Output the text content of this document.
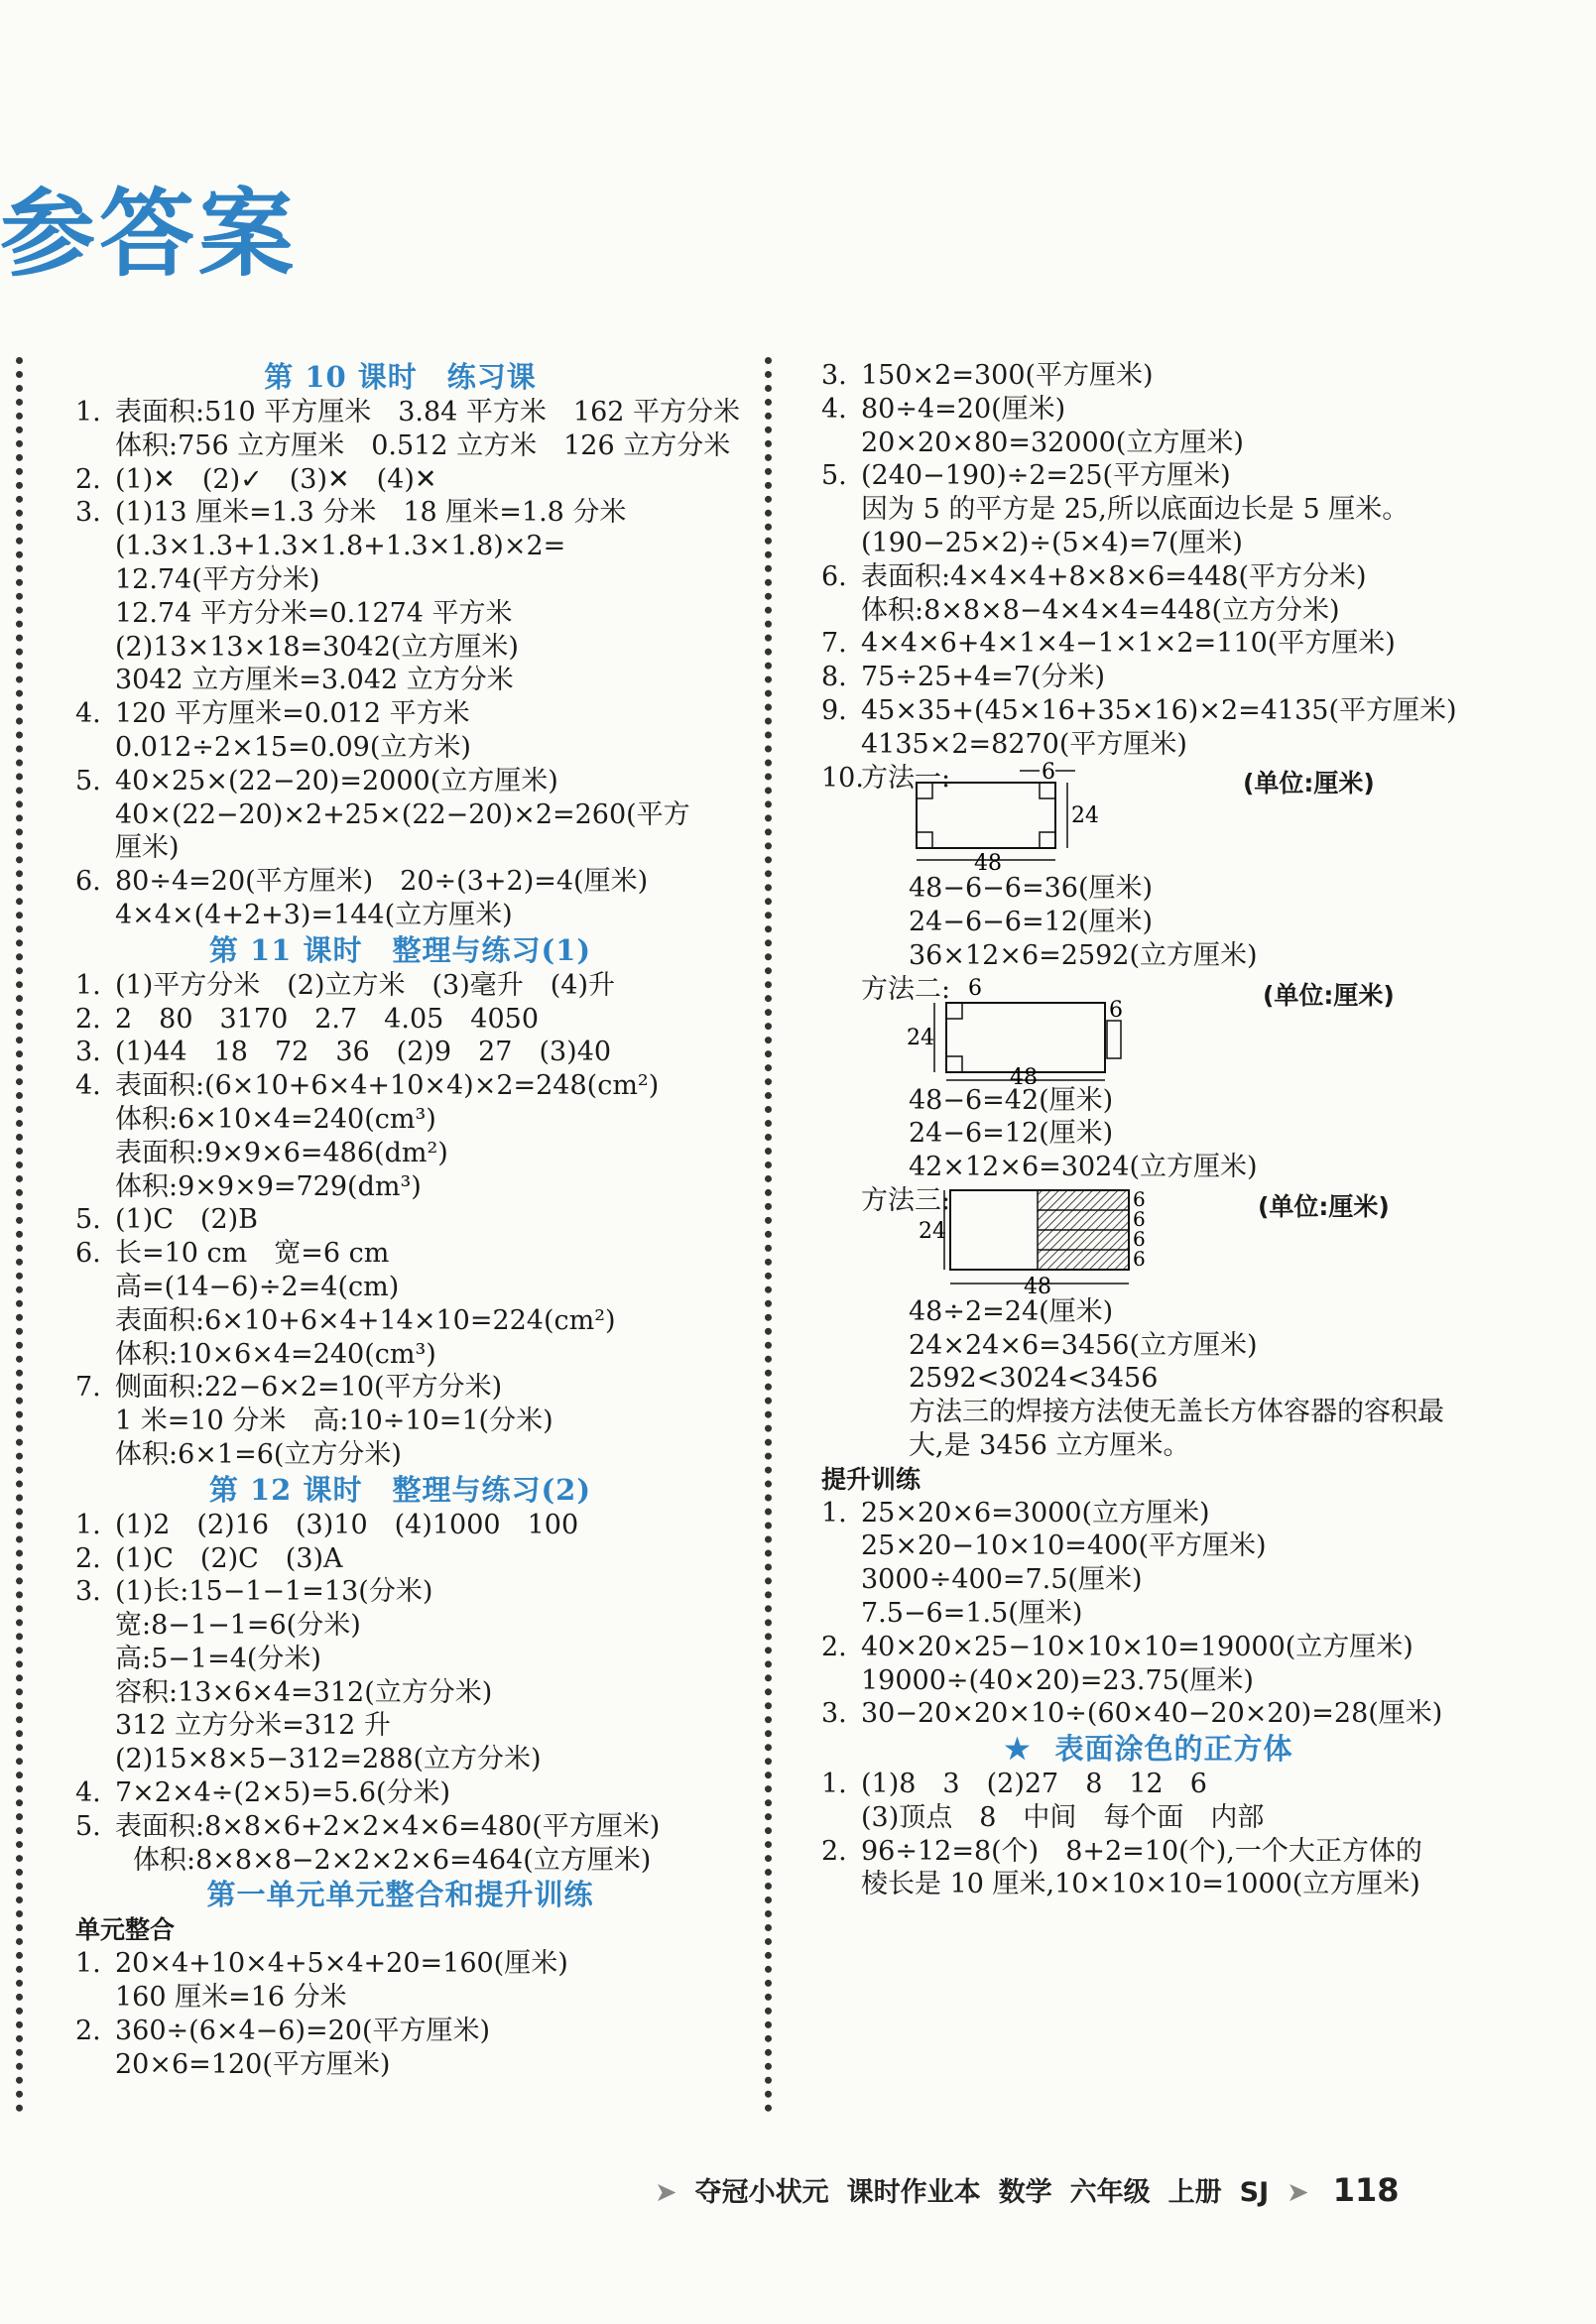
参答案
第 10 课时　练习课
1. 表面积:510 平方厘米　3.84 平方米　162 平方分米
体积:756 立方厘米　0.512 立方米　126 立方分米
2. (1)✕　(2)✓　(3)✕　(4)✕
3. (1)13 厘米=1.3 分米　18 厘米=1.8 分米
(1.3×1.3+1.3×1.8+1.3×1.8)×2=
12.74(平方分米)
12.74 平方分米=0.1274 平方米
(2)13×13×18=3042(立方厘米)
3042 立方厘米=3.042 立方分米
4. 120 平方厘米=0.012 平方米
0.012÷2×15=0.09(立方米)
5. 40×25×(22−20)=2000(立方厘米)
40×(22−20)×2+25×(22−20)×2=260(平方
厘米)
6. 80÷4=20(平方厘米)　20÷(3+2)=4(厘米)
4×4×(4+2+3)=144(立方厘米)
第 11 课时　整理与练习(1)
1. (1)平方分米　(2)立方米　(3)毫升　(4)升
2. 2　80　3170　2.7　4.05　4050
3. (1)44　18　72　36　(2)9　27　(3)40
4. 表面积:(6×10+6×4+10×4)×2=248(cm²)
体积:6×10×4=240(cm³)
表面积:9×9×6=486(dm²)
体积:9×9×9=729(dm³)
5. (1)C　(2)B
6. 长=10 cm　宽=6 cm
高=(14−6)÷2=4(cm)
表面积:6×10+6×4+14×10=224(cm²)
体积:10×6×4=240(cm³)
7. 侧面积:22−6×2=10(平方分米)
1 米=10 分米　高:10÷10=1(分米)
体积:6×1=6(立方分米)
第 12 课时　整理与练习(2)
1. (1)2　(2)16　(3)10　(4)1000　100
2. (1)C　(2)C　(3)A
3. (1)长:15−1−1=13(分米)
宽:8−1−1=6(分米)
高:5−1=4(分米)
容积:13×6×4=312(立方分米)
312 立方分米=312 升
(2)15×8×5−312=288(立方分米)
4. 7×2×4÷(2×5)=5.6(分米)
5. 表面积:8×8×6+2×2×4×6=480(平方厘米)
体积:8×8×8−2×2×2×6=464(立方厘米)
第一单元单元整合和提升训练
单元整合
1. 20×4+10×4+5×4+20=160(厘米)
160 厘米=16 分米
2. 360÷(6×4−6)=20(平方厘米)
20×6=120(平方厘米)
3. 150×2=300(平方厘米)
4. 80÷4=20(厘米)
20×20×80=32000(立方厘米)
5. (240−190)÷2=25(平方厘米)
因为 5 的平方是 25,所以底面边长是 5 厘米。
(190−25×2)÷(5×4)=7(厘米)
6. 表面积:4×4×4+8×8×6=448(平方分米)
体积:8×8×8−4×4×4=448(立方分米)
7. 4×4×6+4×1×4−1×1×2=110(平方厘米)
8. 75÷25+4=7(分米)
9. 45×35+(45×16+35×16)×2=4135(平方厘米)
4135×2=8270(平方厘米)
10.方法一:	(单位:厘米)
6
24
48
48−6−6=36(厘米)
24−6−6=12(厘米)
36×12×6=2592(立方厘米)
方法二:	(单位:厘米)
6
6
24
48
48−6=42(厘米)
24−6=12(厘米)
42×12×6=3024(立方厘米)
方法三:	(单位:厘米)
24
48
6
6
6
6
48÷2=24(厘米)
24×24×6=3456(立方厘米)
2592<3024<3456
方法三的焊接方法使无盖长方体容器的容积最
大,是 3456 立方厘米。
提升训练
1. 25×20×6=3000(立方厘米)
25×20−10×10=400(平方厘米)
3000÷400=7.5(厘米)
7.5−6=1.5(厘米)
2. 40×20×25−10×10×10=19000(立方厘米)
19000÷(40×20)=23.75(厘米)
3. 30−20×20×10÷(60×40−20×20)=28(厘米)
★ 表面涂色的正方体
1. (1)8　3　(2)27　8　12　6
(3)顶点　8　中间　每个面　内部
2. 96÷12=8(个)　8+2=10(个),一个大正方体的
棱长是 10 厘米,10×10×10=1000(立方厘米)
➤ 夺冠小状元 课时作业本 数学 六年级 上册 SJ ➤ 118
